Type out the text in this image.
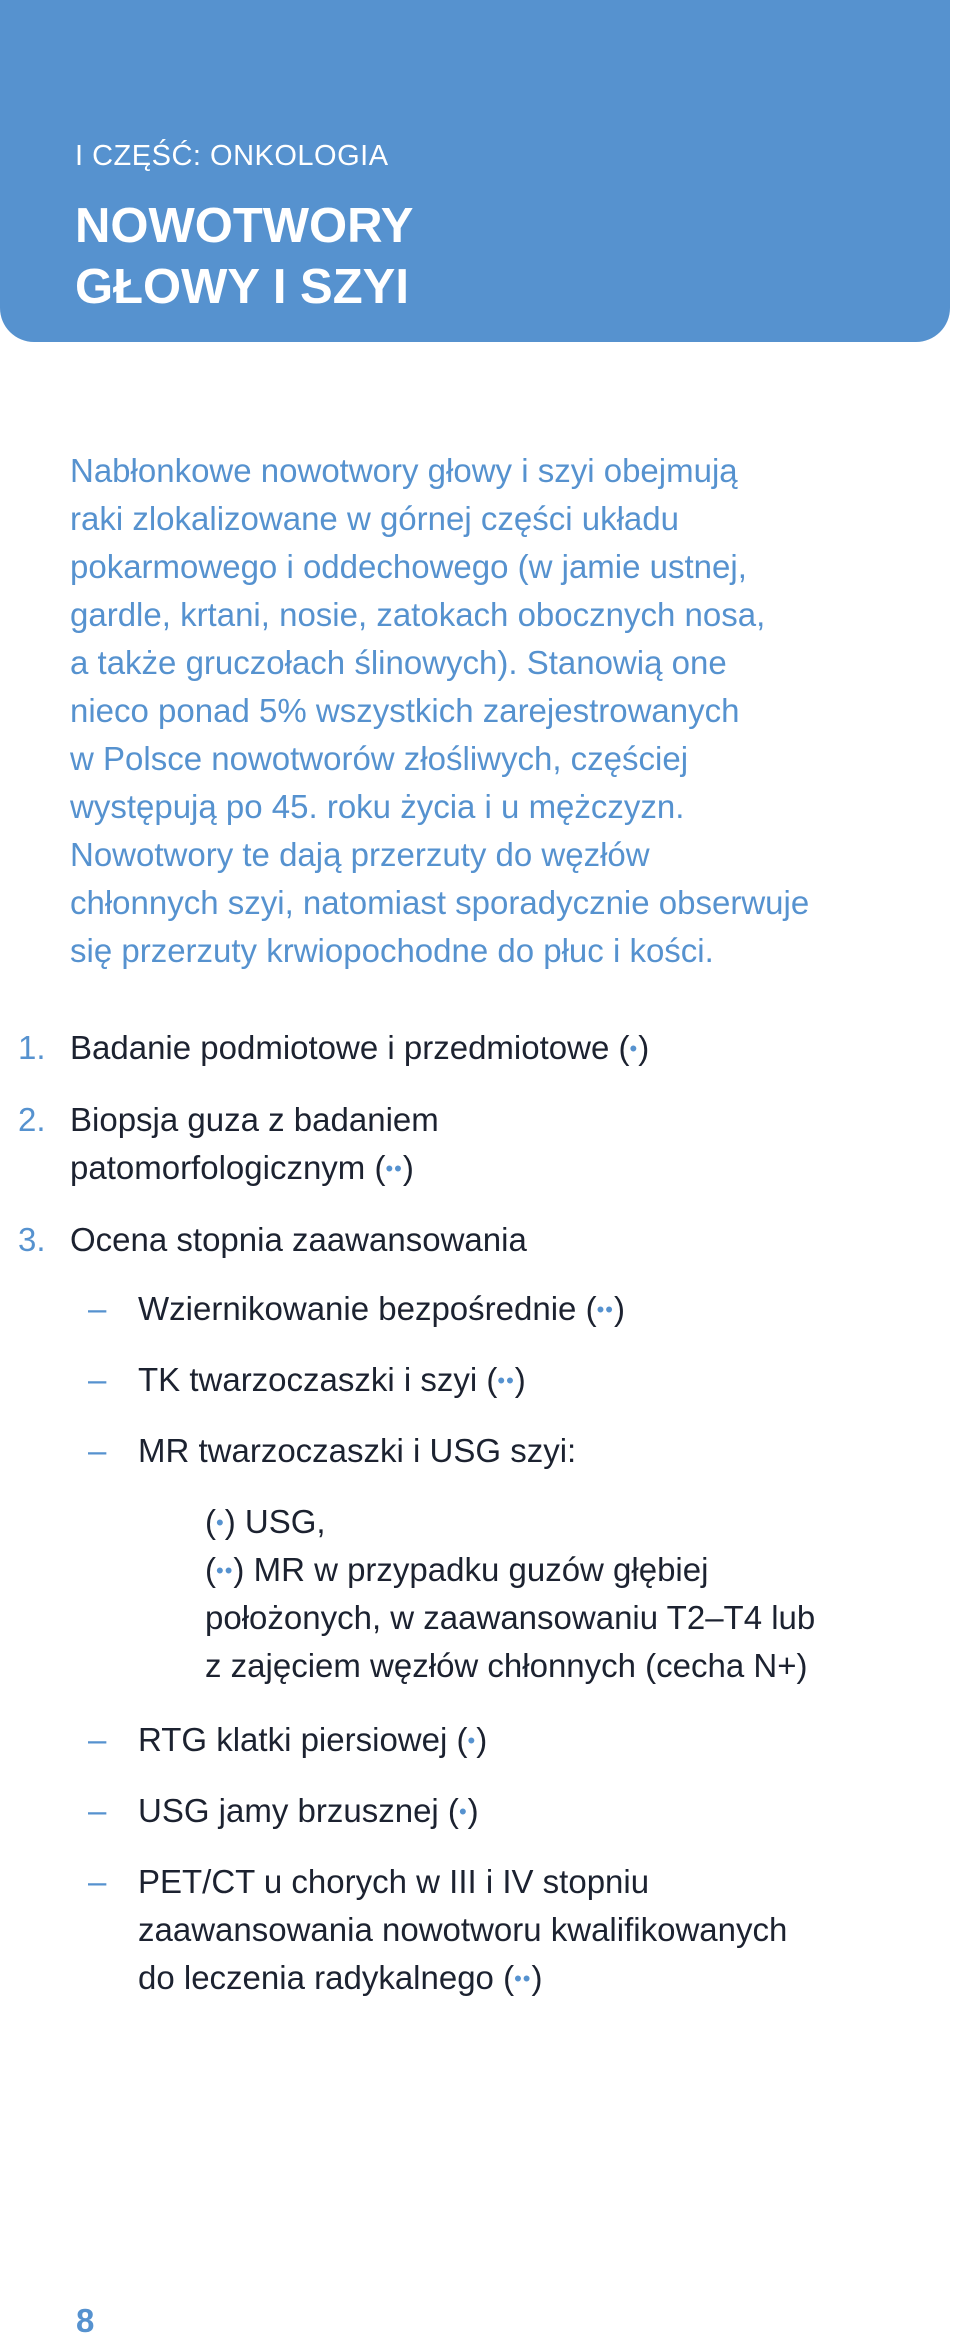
I CZĘŚĆ: ONKOLOGIA
NOWOTWORY
GŁOWY I SZYI
Nabłonkowe nowotwory głowy i szyi obejmują
raki zlokalizowane w górnej części układu
pokarmowego i oddechowego (w jamie ustnej,
gardle, krtani, nosie, zatokach obocznych nosa,
a także gruczołach ślinowych). Stanowią one
nieco ponad 5% wszystkich zarejestrowanych
w Polsce nowotworów złośliwych, częściej
występują po 45. roku życia i u mężczyzn.
Nowotwory te dają przerzuty do węzłów
chłonnych szyi, natomiast sporadycznie obserwuje
się przerzuty krwiopochodne do płuc i kości.
1. Badanie podmiotowe i przedmiotowe (•)
2. Biopsja guza z badaniem
patomorfologicznym (••)
3. Ocena stopnia zaawansowania
– Wziernikowanie bezpośrednie (••)
– TK twarzoczaszki i szyi (••)
– MR twarzoczaszki i USG szyi:
(•) USG,
(••) MR w przypadku guzów głębiej
położonych, w zaawansowaniu T2–T4 lub
z zajęciem węzłów chłonnych (cecha N+)
– RTG klatki piersiowej (•)
– USG jamy brzusznej (•)
– PET/CT u chorych w III i IV stopniu
zaawansowania nowotworu kwalifikowanych
do leczenia radykalnego (••)
8
